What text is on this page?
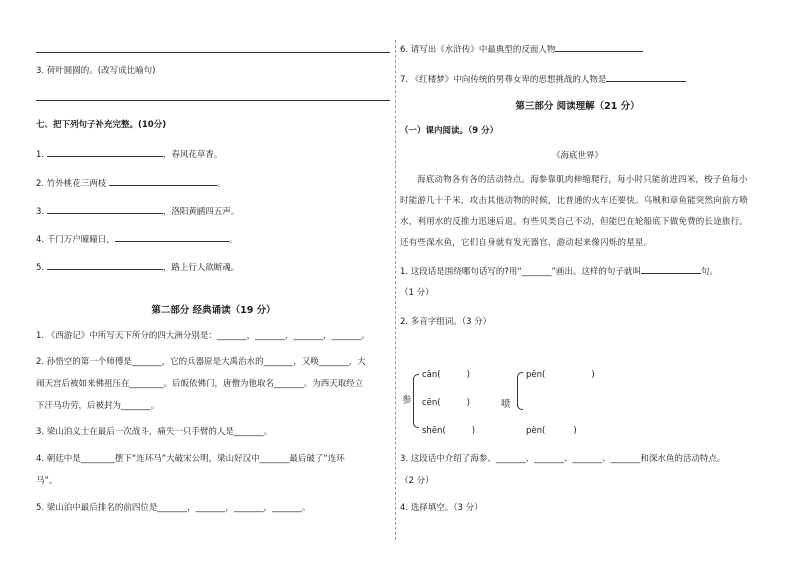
3. 荷叶圆圆的。(改写成比喻句)
七、把下列句子补充完整。(10分)
1.	，春风花草香。
2. 竹外桃花三两枝	。
3.	，洛阳黄鹂四五声。
4. 千门万户曈曈日，	。
5.	，路上行人欲断魂。
第二部分 经典诵读（19 分）
1. 《西游记》中所写天下所分的四大洲分别是：_______，_______，_______，_______。
2. 孙悟空的第一个师傅是_______，它的兵器原是大禹治水的_______，又唤_______，大
闹天宫后被如来佛祖压在________。后皈依佛门，唐僧为他取名_______。为西天取经立
下汗马功劳，后被封为_______。
3. 梁山泊义士在最后一次战斗，痛失一只手臂的人是_______。
4. 朝廷中是________摆下“连环马”大破宋公明，梁山好汉中_______最后破了“连环
马”。
5. 梁山泊中最后排名的前四位是_______，_______，_______，_______。
6. 请写出《水浒传》中最典型的反面人物
7. 《红楼梦》中向传统的男尊女卑的思想挑战的人物是
第三部分 阅读理解（21 分）
（一）课内阅读。（9 分）
《海底世界》
海底动物各有各的活动特点。海参靠肌肉伸缩爬行，每小时只能前进四米，梭子鱼每小时能游几十千米，攻击其他动物的时候，比普通的火车还要快。乌贼和章鱼能突然向前方喷水，利用水的反推力迅速后退。有些贝类自己不动，但能巴在轮船底下做免费的长途旅行。还有些深水鱼，它们自身就有发光器官，游动起来像闪烁的星星。
1. 这段话是围绕哪句话写的?用“_______”画出。这样的句子就叫	句。
（1 分）
2. 多音字组词。（3 分）
参
cān(	)
cēn(	)
shēn(	)
喷
pēn(	)
pèn(	)
3. 这段话中介绍了海参、_______、_______、_______、_______和深水鱼的活动特点。
（2 分）
4. 选择填空。（3 分）
